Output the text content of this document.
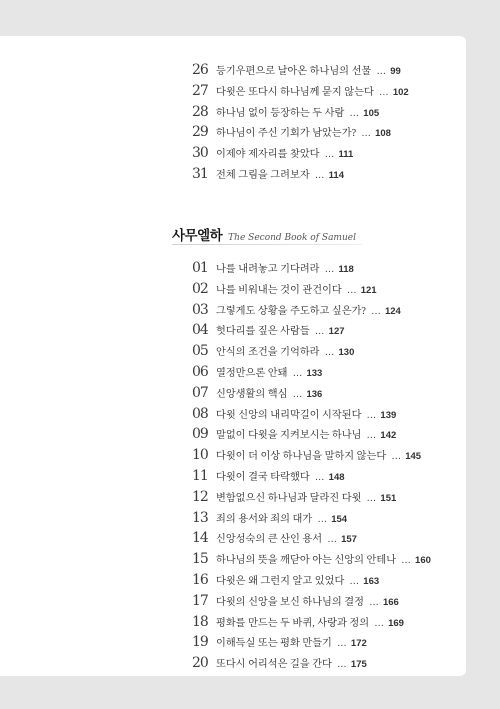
26 등기우편으로 날아온 하나님의 선물 … 99
27 다윗은 또다시 하나님께 묻지 않는다 … 102
28 하나님 없이 등장하는 두 사람 … 105
29 하나님이 주신 기회가 남았는가? … 108
30 이제야 제자리를 찾았다 … 111
31 전체 그림을 그려보자 … 114
사무엘하 The Second Book of Samuel
01 나를 내려놓고 기다려라 … 118
02 나를 비워내는 것이 관건이다 … 121
03 그렇게도 상황을 주도하고 싶은가? … 124
04 헛다리를 짚은 사람들 … 127
05 안식의 조건을 기억하라 … 130
06 열정만으론 안돼 … 133
07 신앙생활의 핵심 … 136
08 다윗 신앙의 내리막길이 시작된다 … 139
09 말없이 다윗을 지켜보시는 하나님 … 142
10 다윗이 더 이상 하나님을 말하지 않는다 … 145
11 다윗이 결국 타락했다 … 148
12 변함없으신 하나님과 달라진 다윗 … 151
13 죄의 용서와 죄의 대가 … 154
14 신앙성숙의 큰 산인 용서 … 157
15 하나님의 뜻을 깨닫아 아는 신앙의 안테나 … 160
16 다윗은 왜 그런지 알고 있었다 … 163
17 다윗의 신앙을 보신 하나님의 결정 … 166
18 평화를 만드는 두 바퀴, 사랑과 정의 … 169
19 이해득실 또는 평화 만들기 … 172
20 또다시 어리석은 길을 간다 … 175
